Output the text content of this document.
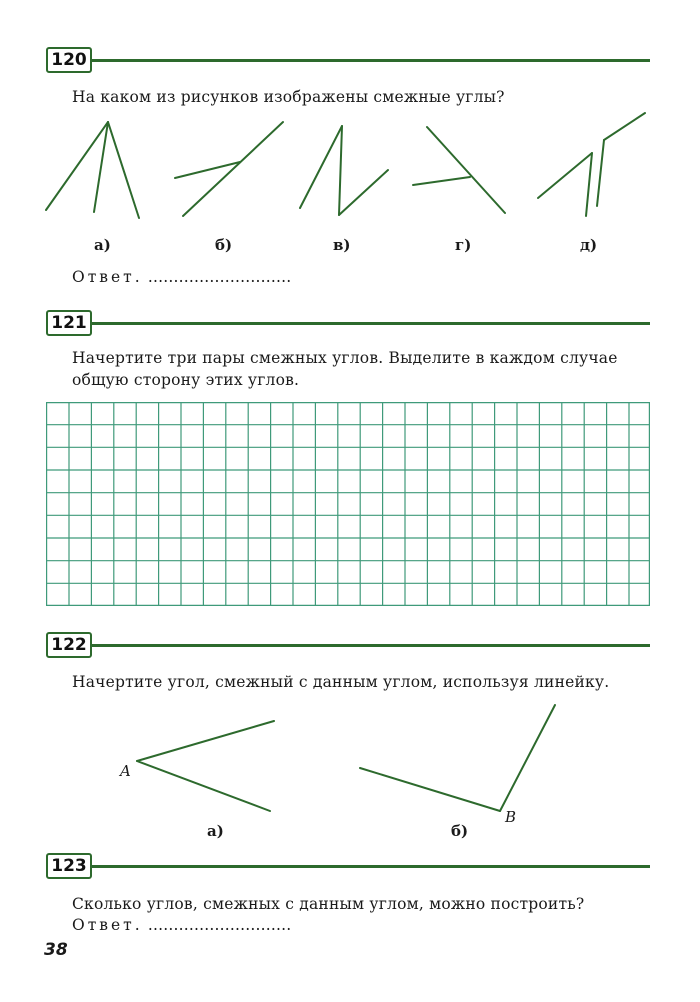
120
На каком из рисунков изображены смежные углы?
а)	б)	в)	г)	д)
Ответ. ............................
121
Начертите три пары смежных углов. Выделите в каждом случае
общую сторону этих углов.
122
Начертите угол, смежный с данным углом, используя линейку.
A
B
а)	б)
123
Сколько углов, смежных с данным углом, можно построить?
Ответ. ............................
38
